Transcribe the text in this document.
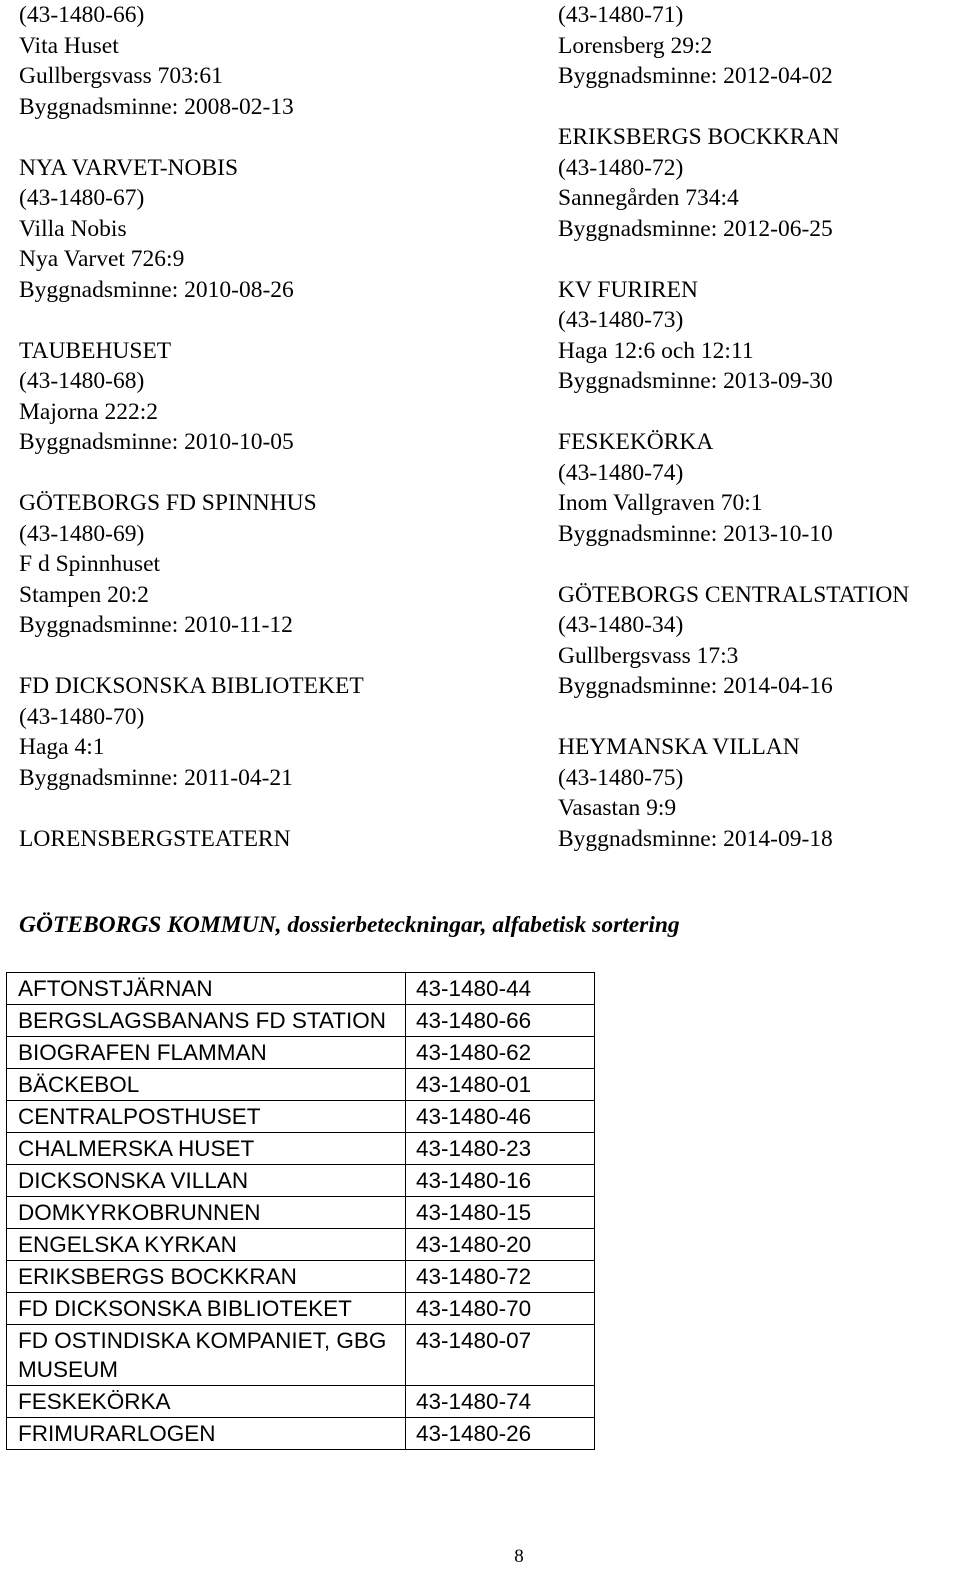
(43-1480-66)
Vita Huset
Gullbergsvass 703:61
Byggnadsminne: 2008-02-13
NYA VARVET-NOBIS
(43-1480-67)
Villa Nobis
Nya Varvet 726:9
Byggnadsminne: 2010-08-26
TAUBEHUSET
(43-1480-68)
Majorna 222:2
Byggnadsminne: 2010-10-05
GÖTEBORGS FD SPINNHUS
(43-1480-69)
F d Spinnhuset
Stampen 20:2
Byggnadsminne: 2010-11-12
FD DICKSONSKA BIBLIOTEKET
(43-1480-70)
Haga 4:1
Byggnadsminne: 2011-04-21
LORENSBERGSTEATERN
(43-1480-71)
Lorensberg 29:2
Byggnadsminne: 2012-04-02
ERIKSBERGS BOCKKRAN
(43-1480-72)
Sannegården 734:4
Byggnadsminne: 2012-06-25
KV FURIREN
(43-1480-73)
Haga 12:6 och 12:11
Byggnadsminne: 2013-09-30
FESKEKÖRKA
(43-1480-74)
Inom Vallgraven 70:1
Byggnadsminne: 2013-10-10
GÖTEBORGS CENTRALSTATION
(43-1480-34)
Gullbergsvass 17:3
Byggnadsminne: 2014-04-16
HEYMANSKA VILLAN
(43-1480-75)
Vasastan 9:9
Byggnadsminne: 2014-09-18
GÖTEBORGS KOMMUN, dossierbeteckningar, alfabetisk sortering
AFTONSTJÄRNAN	43-1480-44
BERGSLAGSBANANS FD STATION	43-1480-66
BIOGRAFEN FLAMMAN	43-1480-62
BÄCKEBOL	43-1480-01
CENTRALPOSTHUSET	43-1480-46
CHALMERSKA HUSET	43-1480-23
DICKSONSKA VILLAN	43-1480-16
DOMKYRKOBRUNNEN	43-1480-15
ENGELSKA KYRKAN	43-1480-20
ERIKSBERGS BOCKKRAN	43-1480-72
FD DICKSONSKA BIBLIOTEKET	43-1480-70
FD OSTINDISKA KOMPANIET, GBG MUSEUM	43-1480-07
FESKEKÖRKA	43-1480-74
FRIMURARLOGEN	43-1480-26
8
